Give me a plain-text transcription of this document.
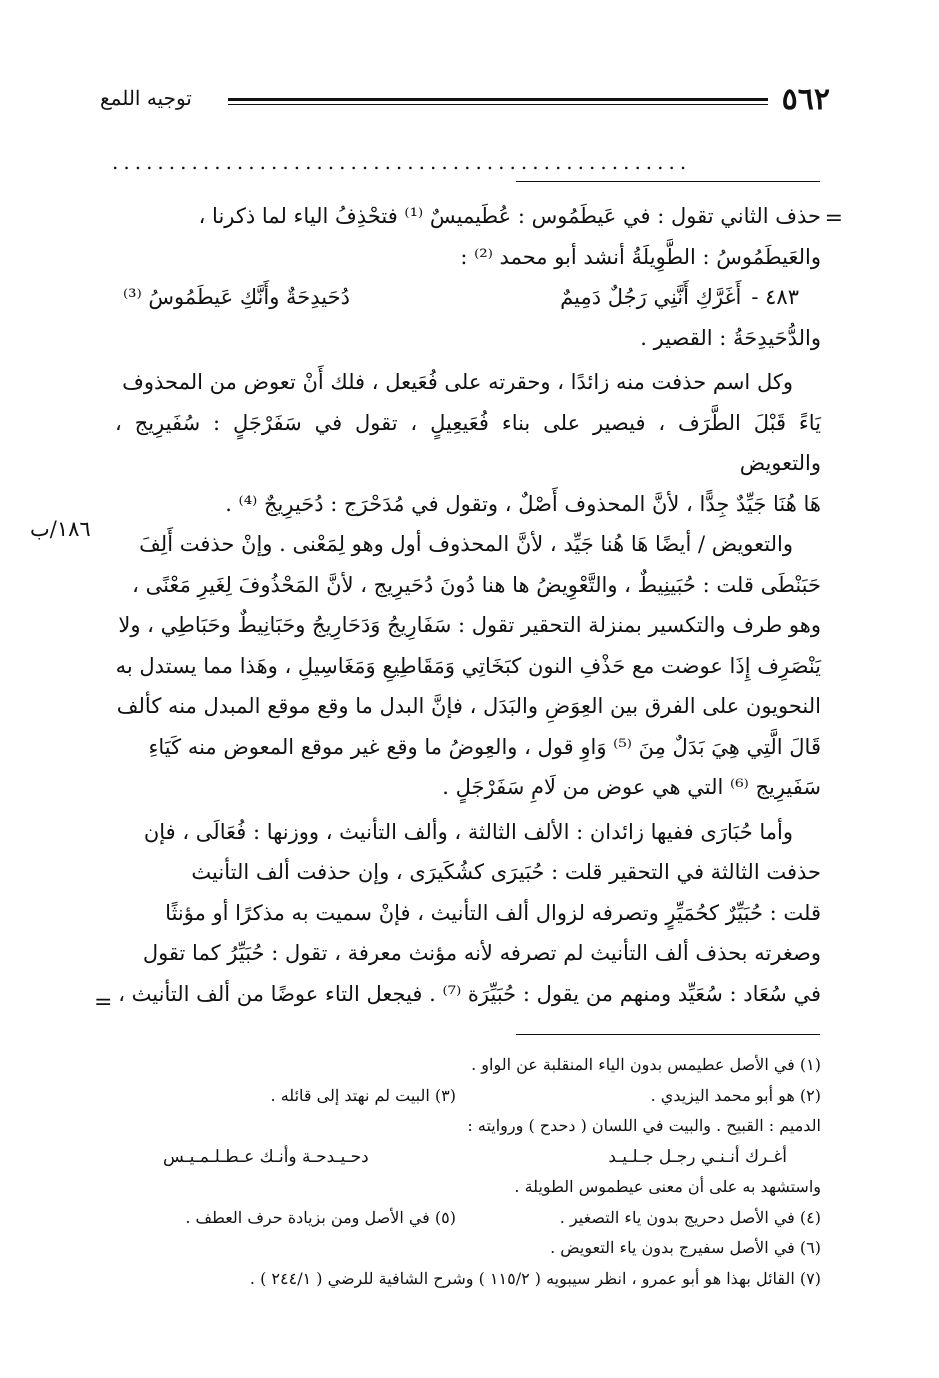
٥٦٢
توجيه اللمع
...................................................
=
١٨٦/ب

حذف الثاني تقول : في عَيطَمُوس : عُطَيميسٌ ⁽¹⁾ فتحْذِفُ الياء لما ذكرنا ،

والعَيطَمُوسُ : الطَّوِيلَةُ أنشد أبو محمد ⁽²⁾ :

٤٨٣ -
أَغَرَّكِ أَنَّنِي رَجُلٌ دَمِيمٌ
دُحَيدِحَةٌ وأَنَّكِ عَيطَمُوسُ ⁽³⁾

والدُّحَيدِحَةُ : القصير .

وكل اسم حذفت منه زائدًا ، وحقرته على فُعَيعل ، فلك أَنْ تعوض من المحذوف

يَاءً قَبْلَ الطَّرَف ، فيصير على بناء فُعَيعِيلٍ ، تقول في سَفَرْجَلٍ : سُفَيرِيج ، والتعويض

هَا هُنَا جَيِّدٌ جِدًّا ، لأنَّ المحذوف أَصْلٌ ، وتقول في مُدَحْرَج : دُحَيرِيجٌ ⁽⁴⁾ .

والتعويض / أيضًا هَا هُنا جَيِّد ، لأنَّ المحذوف أول وهو لِمَعْنى . وإنْ حذفت أَلِفَ

حَبَنْطَى قلت : حُبَينِيطٌ ، والتَّعْوِيضُ ها هنا دُونَ دُحَيرِيج ، لأنَّ المَحْذُوفَ لِغَيرِ مَعْنًى ،

وهو طرف والتكسير بمنزلة التحقير تقول : سَفَارِيجُ وَدَحَارِيجُ وحَبَانِيطٌ وحَبَاطِي ، ولا

يَنْصَرِف إِذَا عوضت مع حَذْفِ النون كبَخَاتِي وَمَقَاطِيعِ وَمَغَاسِيلِ ، وهَذا مما يستدل به

النحويون على الفرق بين العِوَضِ والبَدَل ، فإنَّ البدل ما وقع موقع المبدل منه كألف

قَالَ الَّتِي هِيَ بَدَلٌ مِنَ ⁽⁵⁾ وَاوِ قول ، والعِوضُ ما وقع غير موقع المعوض منه كَيَاءِ

سَفَيرِيج ⁽⁶⁾ التي هي عوض من لَامِ سَفَرْجَلٍ .

وأما حُبَارَى ففيها زائدان : الألف الثالثة ، وألف التأنيث ، ووزنها : فُعَالَى ، فإن

حذفت الثالثة في التحقير قلت : حُبَيرَى كشُكَيرَى ، وإن حذفت ألف التأنيث

قلت : حُبَيِّرٌ كحُمَيِّرٍ وتصرفه لزوال ألف التأنيث ، فإنْ سميت به مذكرًا أو مؤنثًا

وصغرته بحذف ألف التأنيث لم تصرفه لأنه مؤنث معرفة ، تقول : حُبَيِّرُ كما تقول

في سُعَاد : سُعَيِّد ومنهم من يقول : حُبَيِّرَة ⁽⁷⁾ . فيجعل التاء عوضًا من ألف التأنيث ،

=
(١) في الأصل عطيمس بدون الياء المنقلبة عن الواو .
(٢) هو أبو محمد اليزيدي .
(٣) البيت لم نهتد إلى قائله .
الدميم : القبيح . والبيت في اللسان ( دحدح ) وروايته :
أغـرك أنـنـي رجـل جـلـيـد
دحـيـدحـة وأنـك عـطـلـمـيـس
واستشهد به على أن معنى عيطموس الطويلة .
(٤) في الأصل دحريج بدون ياء التصغير .
(٥) في الأصل ومن بزيادة حرف العطف .
(٦) في الأصل سفيرج بدون ياء التعويض .
(٧) القائل بهذا هو أبو عمرو ، انظر سيبويه ( ١١٥/٢ ) وشرح الشافية للرضي ( ٢٤٤/١ ) .
